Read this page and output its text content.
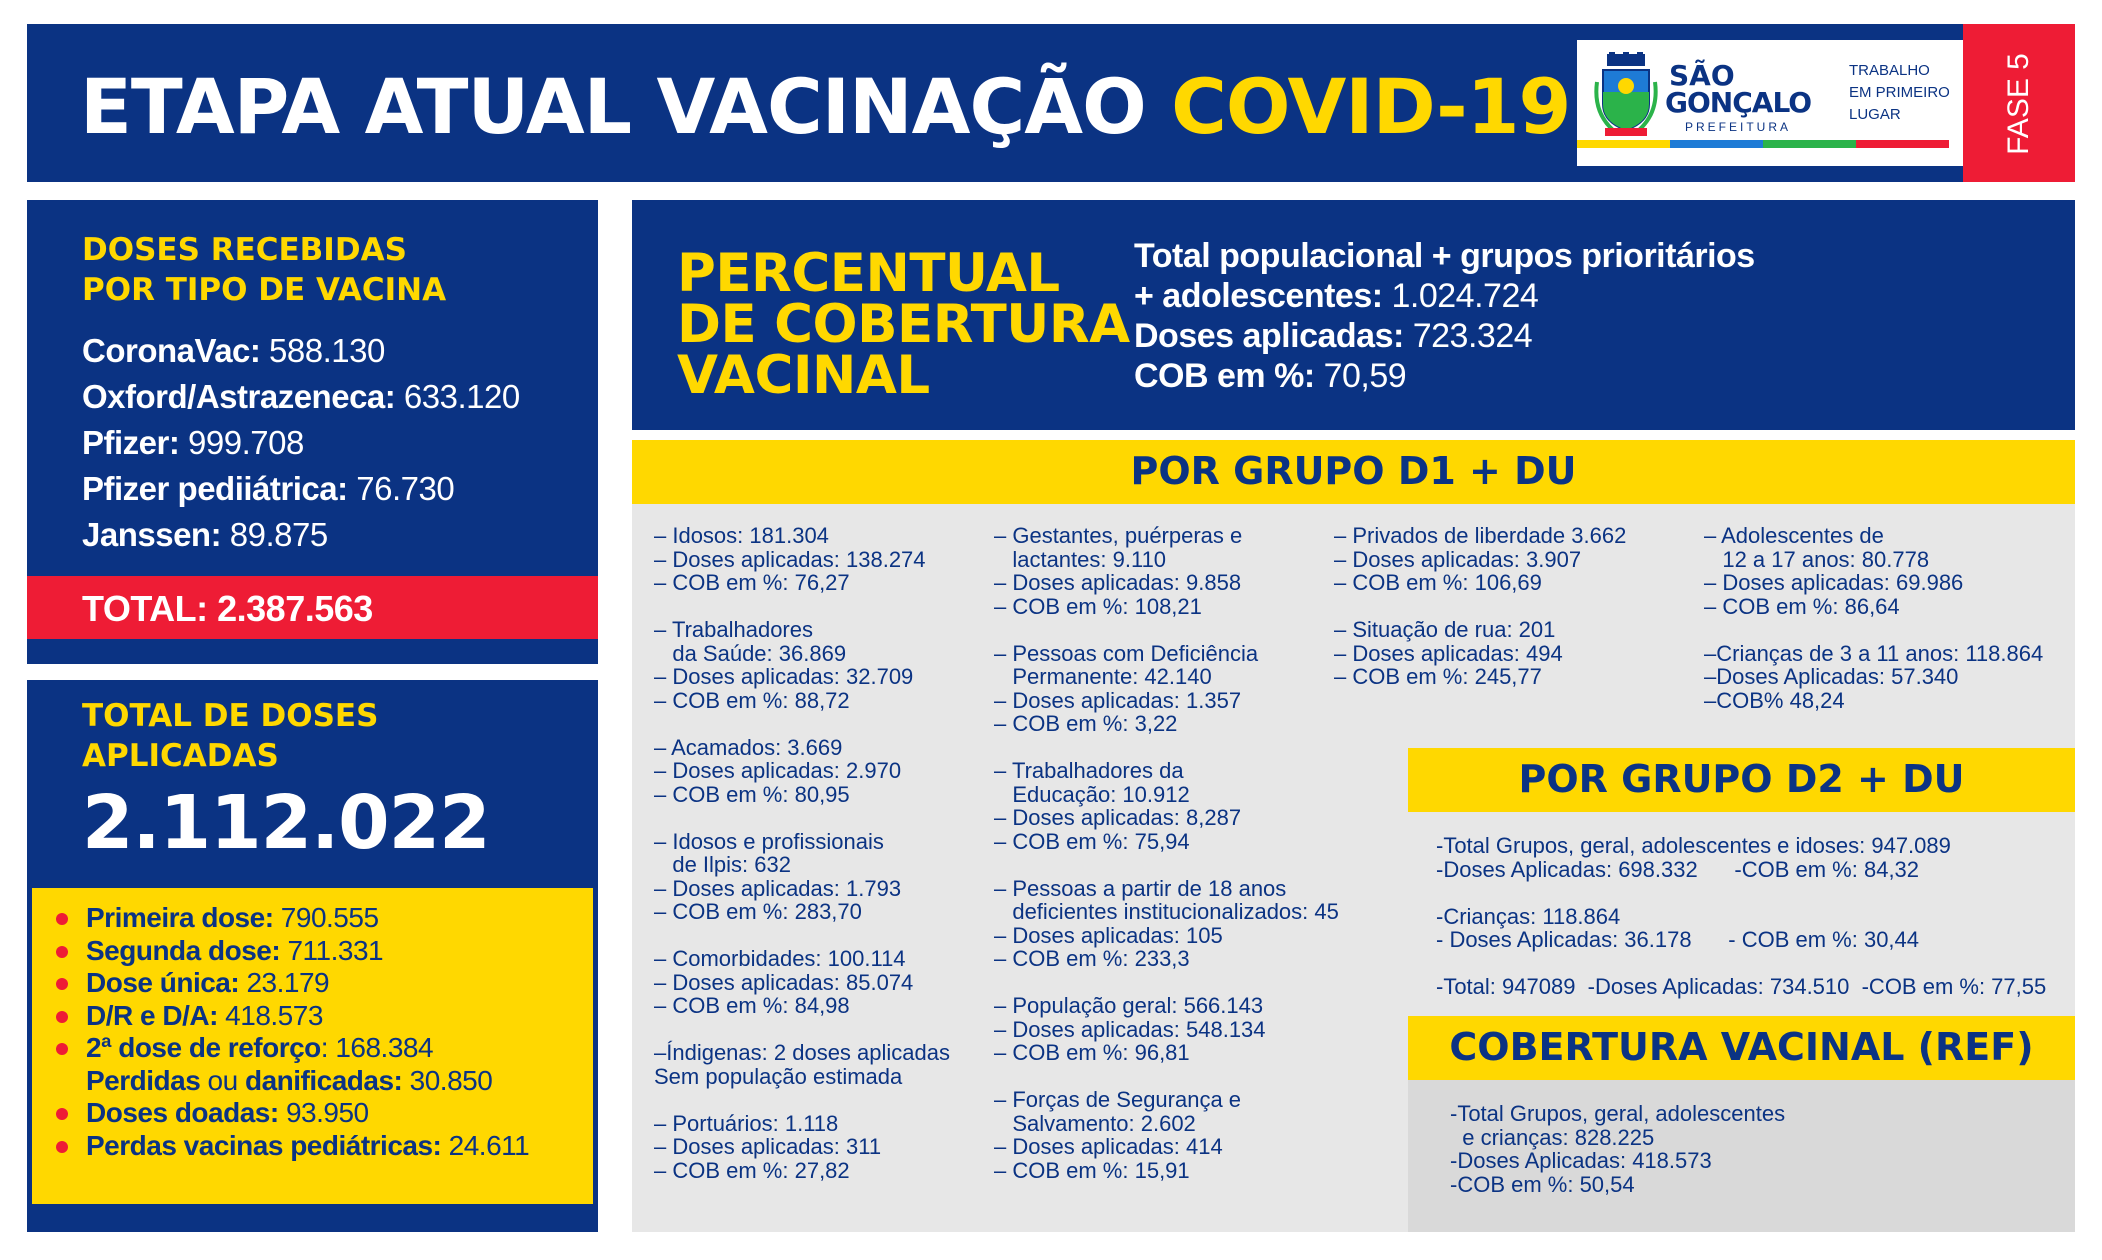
ETAPA ATUAL VACINAÇÃO COVID-19	SÃO
GONÇALO
PREFEITURA
TRABALHO
EM PRIMEIRO
LUGAR	FASE 5
DOSES RECEBIDAS
POR TIPO DE VACINA
CoronaVac: 588.130
Oxford/Astrazeneca: 633.120
Pfizer: 999.708
Pfizer pediiátrica: 76.730
Janssen: 89.875
TOTAL: 2.387.563
TOTAL DE DOSES
APLICADAS
2.112.022
Primeira dose: 790.555
Segunda dose: 711.331
Dose única: 23.179
D/R e D/A: 418.573
2ª dose de reforço: 168.384
Perdidas ou danificadas: 30.850
Doses doadas: 93.950
Perdas vacinas pediátricas: 24.611
PERCENTUAL
DE COBERTURA
VACINAL
Total populacional + grupos prioritários
+ adolescentes: 1.024.724
Doses aplicadas: 723.324
COB em %: 70,59
POR GRUPO D1 + DU
– Idosos: 181.304
– Doses aplicadas: 138.274
– COB em %: 76,27
– Trabalhadores
da Saúde: 36.869
– Doses aplicadas: 32.709
– COB em %: 88,72
– Acamados: 3.669
– Doses aplicadas: 2.970
– COB em %: 80,95
– Idosos e profissionais
de Ilpis: 632
– Doses aplicadas: 1.793
– COB em %: 283,70
– Comorbidades: 100.114
– Doses aplicadas: 85.074
– COB em %: 84,98
–Índigenas: 2 doses aplicadas
Sem população estimada
– Portuários: 1.118
– Doses aplicadas: 311
– COB em %: 27,82
– Gestantes, puérperas e
lactantes: 9.110
– Doses aplicadas: 9.858
– COB em %: 108,21
– Pessoas com Deficiência
Permanente: 42.140
– Doses aplicadas: 1.357
– COB em %: 3,22
– Trabalhadores da
Educação: 10.912
– Doses aplicadas: 8,287
– COB em %: 75,94
– Pessoas a partir de 18 anos
deficientes institucionalizados: 45
– Doses aplicadas: 105
– COB em %: 233,3
– População geral: 566.143
– Doses aplicadas: 548.134
– COB em %: 96,81
– Forças de Segurança e
Salvamento: 2.602
– Doses aplicadas: 414
– COB em %: 15,91
– Privados de liberdade 3.662
– Doses aplicadas: 3.907
– COB em %: 106,69
– Situação de rua: 201
– Doses aplicadas: 494
– COB em %: 245,77
– Adolescentes de
12 a 17 anos: 80.778
– Doses aplicadas: 69.986
– COB em %: 86,64
–Crianças de 3 a 11 anos: 118.864
–Doses Aplicadas: 57.340
–COB% 48,24
POR GRUPO D2 + DU
-Total Grupos, geral, adolescentes e idoses: 947.089
-Doses Aplicadas: 698.332      -COB em %: 84,32
-Crianças: 118.864
- Doses Aplicadas: 36.178      - COB em %: 30,44
-Total: 947089  -Doses Aplicadas: 734.510  -COB em %: 77,55
COBERTURA VACINAL (REF)
-Total Grupos, geral, adolescentes
e crianças: 828.225
-Doses Aplicadas: 418.573
-COB em %: 50,54
